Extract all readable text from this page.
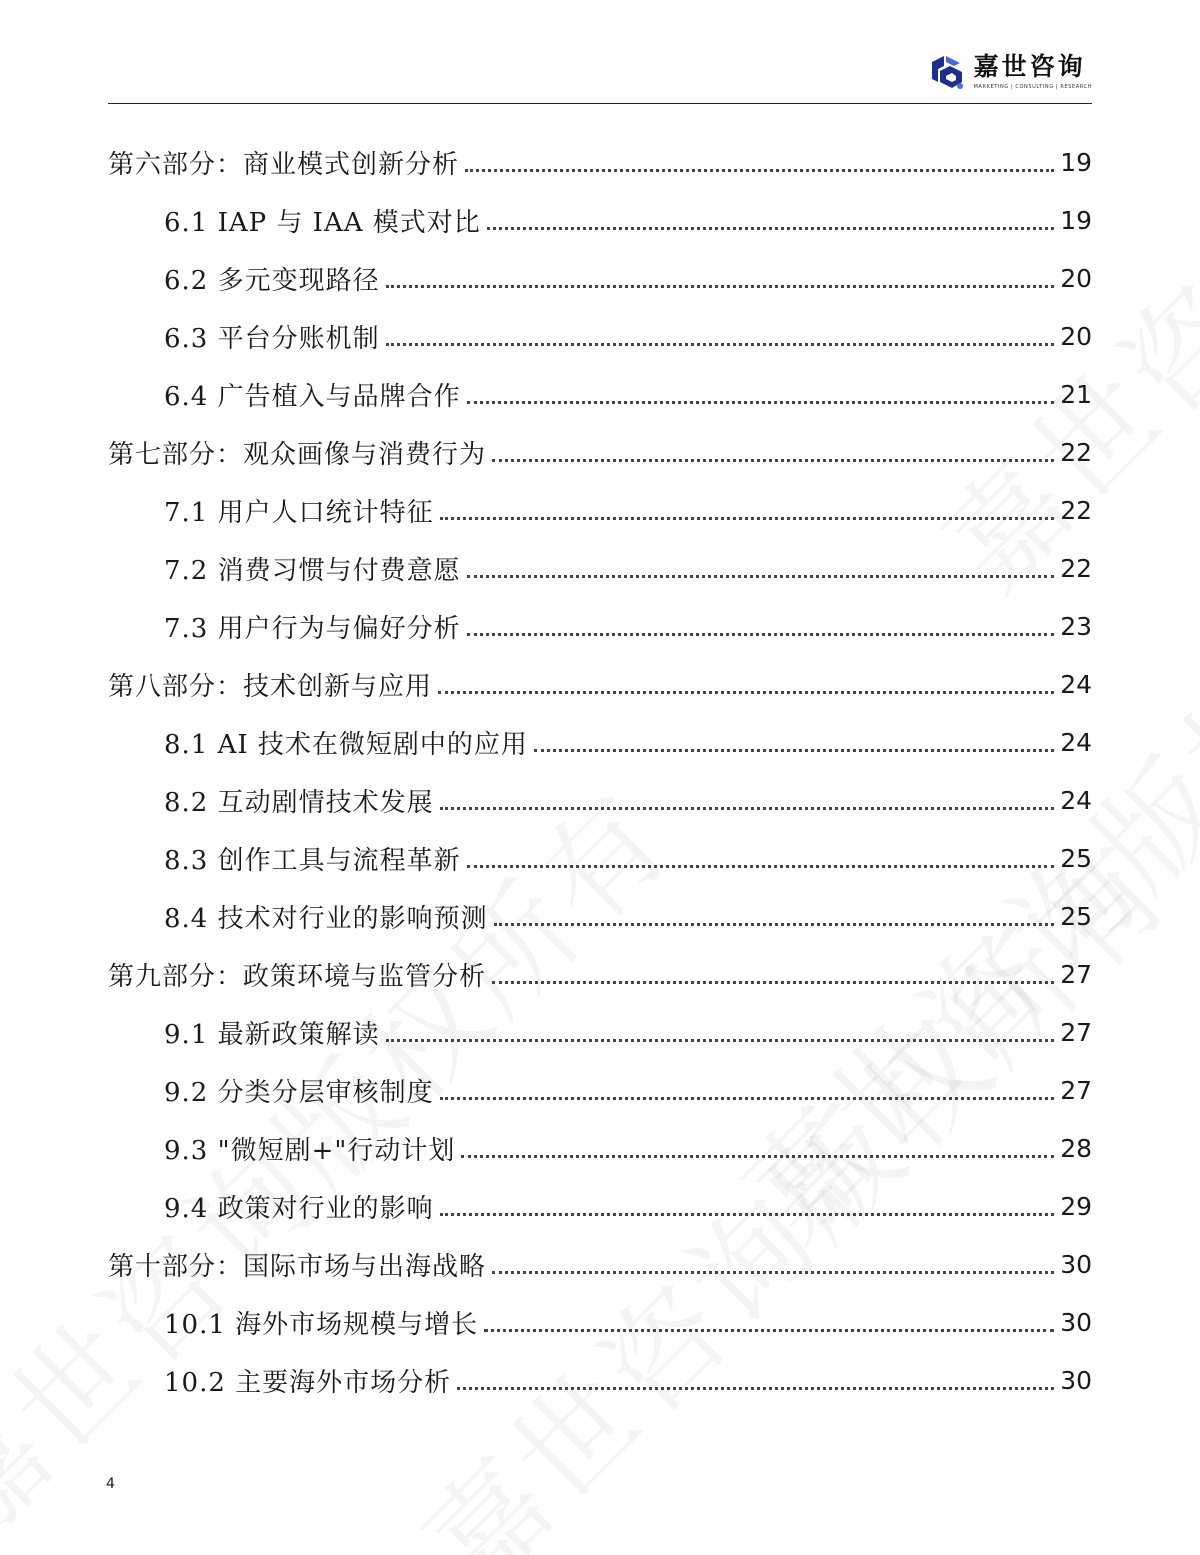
嘉世咨询
MARKETING | CONSULTING | RESEARCH
第六部分：商业模式创新分析	19
6.1 IAP 与 IAA 模式对比	19
6.2 多元变现路径	20
6.3 平台分账机制	20
6.4 广告植入与品牌合作	21
第七部分：观众画像与消费行为	22
7.1 用户人口统计特征	22
7.2 消费习惯与付费意愿	22
7.3 用户行为与偏好分析	23
第八部分：技术创新与应用	24
8.1 AI 技术在微短剧中的应用	24
8.2 互动剧情技术发展	24
8.3 创作工具与流程革新	25
8.4 技术对行业的影响预测	25
第九部分：政策环境与监管分析	27
9.1 最新政策解读	27
9.2 分类分层审核制度	27
9.3 "微短剧+"行动计划	28
9.4 政策对行业的影响	29
第十部分：国际市场与出海战略	30
10.1 海外市场规模与增长	30
10.2 主要海外市场分析	30
4
